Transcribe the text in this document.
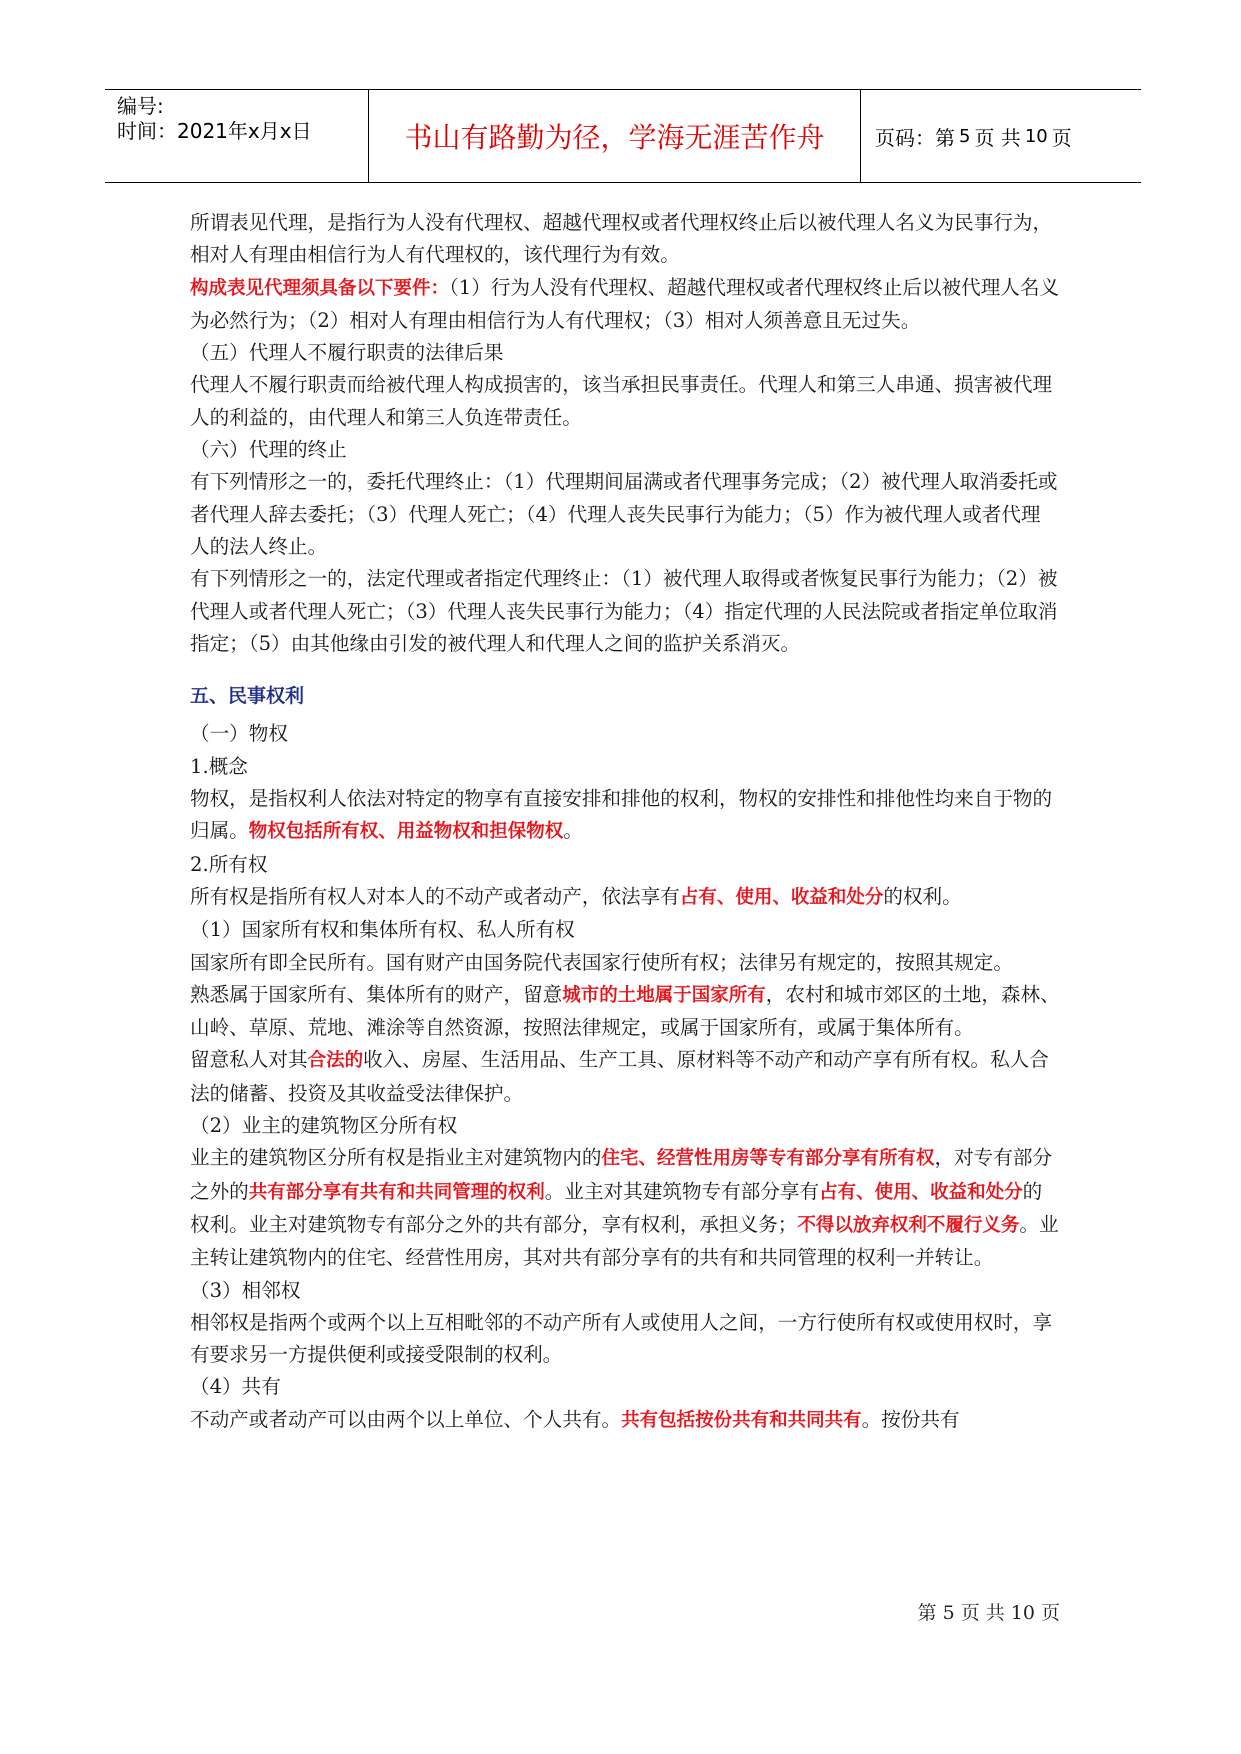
编号:
时间：2021年x月x日	书山有路勤为径，学海无涯苦作舟	页码：第 5 页 共 10 页

所谓表见代理，是指行为人没有代理权、超越代理权或者代理权终止后以被代理人名义为民事行为，相对人有理由相信行为人有代理权的，该代理行为有效。

构成表见代理须具备以下要件：（1）行为人没有代理权、超越代理权或者代理权终止后以被代理人名义为必然行为；（2）相对人有理由相信行为人有代理权；（3）相对人须善意且无过失。

（五）代理人不履行职责的法律后果

代理人不履行职责而给被代理人构成损害的，该当承担民事责任。代理人和第三人串通、损害被代理人的利益的，由代理人和第三人负连带责任。

（六）代理的终止

有下列情形之一的，委托代理终止：（1）代理期间届满或者代理事务完成；（2）被代理人取消委托或者代理人辞去委托；（3）代理人死亡；（4）代理人丧失民事行为能力；（5）作为被代理人或者代理人的法人终止。

有下列情形之一的，法定代理或者指定代理终止：（1）被代理人取得或者恢复民事行为能力；（2）被代理人或者代理人死亡；（3）代理人丧失民事行为能力；（4）指定代理的人民法院或者指定单位取消指定；（5）由其他缘由引发的被代理人和代理人之间的监护关系消灭。

五、民事权利

（一）物权

1.概念

物权，是指权利人依法对特定的物享有直接安排和排他的权利，物权的安排性和排他性均来自于物的归属。物权包括所有权、用益物权和担保物权。

2.所有权

所有权是指所有权人对本人的不动产或者动产，依法享有占有、使用、收益和处分的权利。

（1）国家所有权和集体所有权、私人所有权

国家所有即全民所有。国有财产由国务院代表国家行使所有权；法律另有规定的，按照其规定。

熟悉属于国家所有、集体所有的财产，留意城市的土地属于国家所有，农村和城市郊区的土地，森林、山岭、草原、荒地、滩涂等自然资源，按照法律规定，或属于国家所有，或属于集体所有。

留意私人对其合法的收入、房屋、生活用品、生产工具、原材料等不动产和动产享有所有权。私人合法的储蓄、投资及其收益受法律保护。

（2）业主的建筑物区分所有权

业主的建筑物区分所有权是指业主对建筑物内的住宅、经营性用房等专有部分享有所有权，对专有部分之外的共有部分享有共有和共同管理的权利。业主对其建筑物专有部分享有占有、使用、收益和处分的权利。业主对建筑物专有部分之外的共有部分，享有权利，承担义务；不得以放弃权利不履行义务。业主转让建筑物内的住宅、经营性用房，其对共有部分享有的共有和共同管理的权利一并转让。

（3）相邻权

相邻权是指两个或两个以上互相毗邻的不动产所有人或使用人之间，一方行使所有权或使用权时，享有要求另一方提供便利或接受限制的权利。

（4）共有

不动产或者动产可以由两个以上单位、个人共有。共有包括按份共有和共同共有。按份共有

第 5 页 共 10 页
